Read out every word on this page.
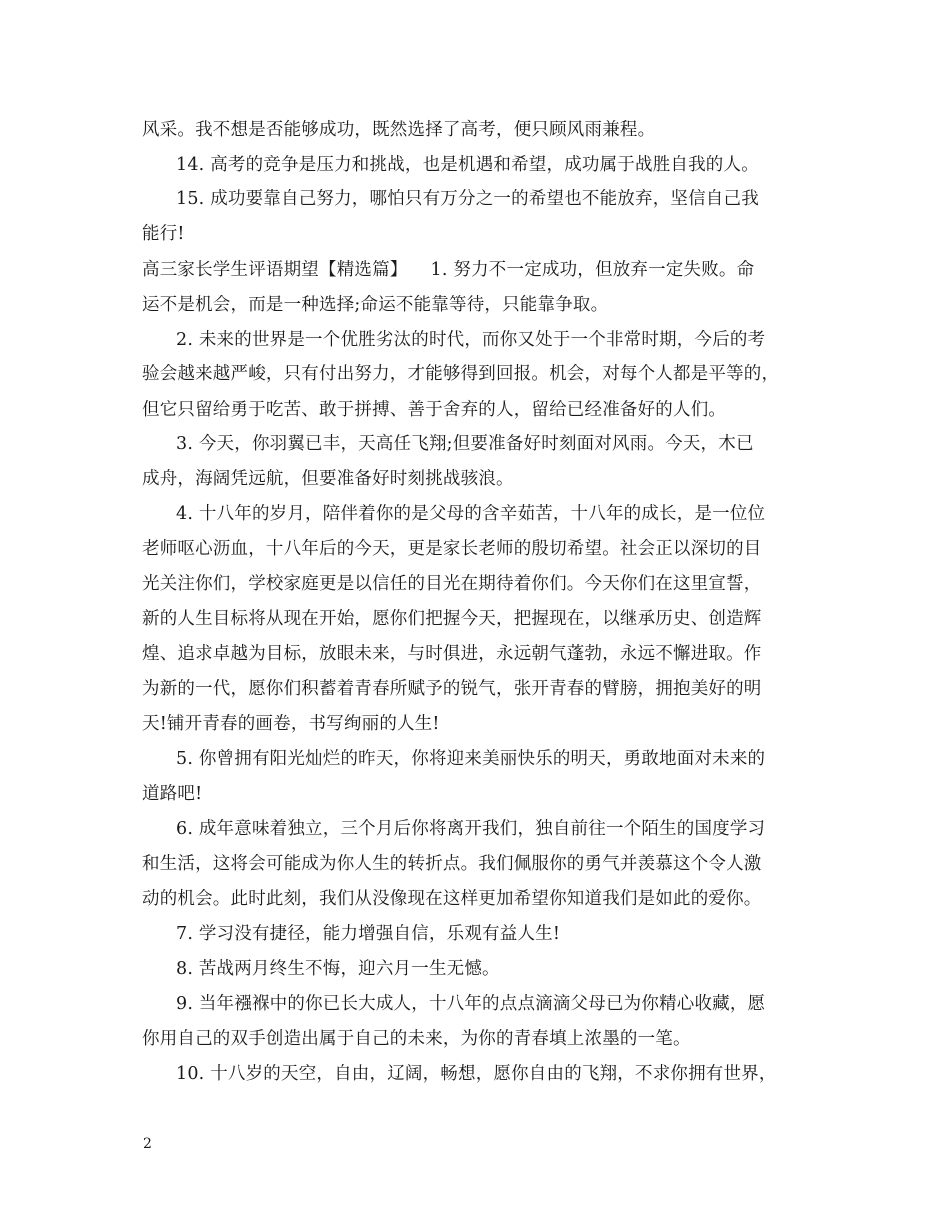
风采。我不想是否能够成功，既然选择了高考，便只顾风雨兼程。
14. 高考的竞争是压力和挑战，也是机遇和希望，成功属于战胜自我的人。
15. 成功要靠自己努力，哪怕只有万分之一的希望也不能放弃，坚信自己我
能行!
高三家长学生评语期望【精选篇】    1. 努力不一定成功，但放弃一定失败。命
运不是机会，而是一种选择;命运不能靠等待，只能靠争取。
2. 未来的世界是一个优胜劣汰的时代，而你又处于一个非常时期，今后的考
验会越来越严峻，只有付出努力，才能够得到回报。机会，对每个人都是平等的，
但它只留给勇于吃苦、敢于拼搏、善于舍弃的人，留给已经准备好的人们。
3. 今天，你羽翼已丰，天高任飞翔;但要准备好时刻面对风雨。今天，木已
成舟，海阔凭远航，但要准备好时刻挑战骇浪。
4. 十八年的岁月，陪伴着你的是父母的含辛茹苦，十八年的成长，是一位位
老师呕心沥血，十八年后的今天，更是家长老师的殷切希望。社会正以深切的目
光关注你们，学校家庭更是以信任的目光在期待着你们。今天你们在这里宣誓，
新的人生目标将从现在开始，愿你们把握今天，把握现在，以继承历史、创造辉
煌、追求卓越为目标，放眼未来，与时俱进，永远朝气蓬勃，永远不懈进取。作
为新的一代，愿你们积蓄着青春所赋予的锐气，张开青春的臂膀，拥抱美好的明
天!铺开青春的画卷，书写绚丽的人生!
5. 你曾拥有阳光灿烂的昨天，你将迎来美丽快乐的明天，勇敢地面对未来的
道路吧!
6. 成年意味着独立，三个月后你将离开我们，独自前往一个陌生的国度学习
和生活，这将会可能成为你人生的转折点。我们佩服你的勇气并羡慕这个令人激
动的机会。此时此刻，我们从没像现在这样更加希望你知道我们是如此的爱你。
7. 学习没有捷径，能力增强自信，乐观有益人生!
8. 苦战两月终生不悔，迎六月一生无憾。
9. 当年襁褓中的你已长大成人，十八年的点点滴滴父母已为你精心收藏，愿
你用自己的双手创造出属于自己的未来，为你的青春填上浓墨的一笔。
10. 十八岁的天空，自由，辽阔，畅想，愿你自由的飞翔，不求你拥有世界，
2
